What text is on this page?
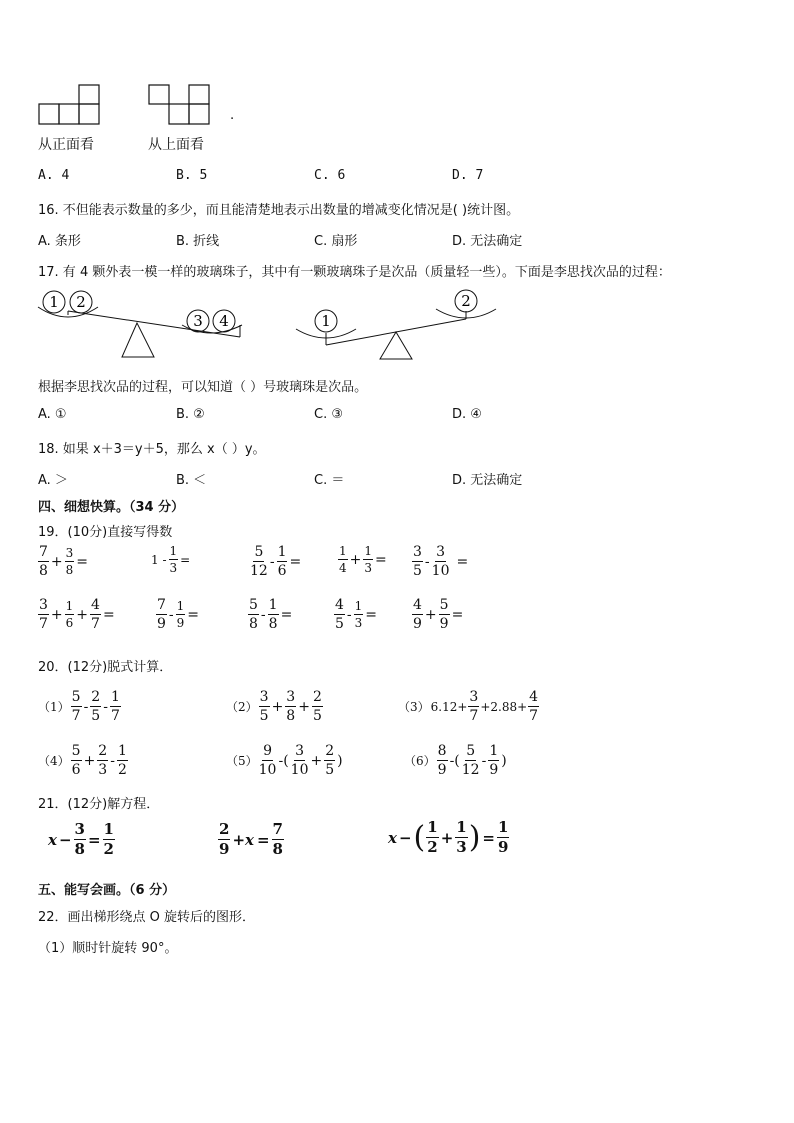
.
从正面看	从上面看
A. 4	B. 5	C. 6	D. 7
16. 不但能表示数量的多少，而且能清楚地表示出数量的增减变化情况是( )统计图。
A. 条形	B. 折线	C. 扇形	D. 无法确定
17. 有 4 颗外表一模一样的玻璃珠子，其中有一颗玻璃珠子是次品（质量轻一些）。下面是李思找次品的过程：
1 2
3 4	1
2
根据李思找次品的过程，可以知道（ ）号玻璃珠是次品。
A. ①	B. ②	C. ③	D. ④
18. 如果 x＋3＝y＋5，那么 x（ ）y。
A. ＞	B. ＜	C. ＝	D. 无法确定
四、细想快算。（34 分）
19．(10分)直接写得数
$\frac{7}{8} + \frac{3}{8}$ =	$1 - \frac{1}{3}$ =	$\frac{5}{12} - \frac{1}{6}$ =	$\frac{1}{4} + \frac{1}{3} = \frac{3}{5} - \frac{3}{10}$ =
$\frac{3}{7} + \frac{1}{6} + \frac{4}{7}$ =	$\frac{7}{9} - \frac{1}{9}$ =	$\frac{5}{8} - \frac{1}{8}$ =	$\frac{4}{5} - \frac{1}{3} = \frac{4}{9} + \frac{5}{9}$ =
20．(12分)脱式计算．
$(1) \frac{5}{7} - \frac{2}{5} - \frac{1}{7}$	$(2) \frac{3}{5} + \frac{3}{8} + \frac{2}{5}$	（3） $6.12+ \frac{3}{7} +2.88+ \frac{4}{7}$
$(4) \frac{5}{6} + \frac{2}{3} - \frac{1}{2}$	$(5) \frac{9}{10}$ -( $\frac{3}{10} + \frac{2}{5}$ )	$(6) \frac{8}{9}$ -( $\frac{5}{12} - \frac{1}{9}$ )
21．(12分)解方程．
$x - \frac{3}{8} = \frac{1}{2}$	$\frac{2}{9} +x = \frac{7}{8}$	x − ( $\frac{1}{2} + \frac{1}{3}$ ) = $\frac{1}{9}$
五、能写会画。（6 分）
22．画出梯形绕点 O 旋转后的图形．
（1）顺时针旋转 90°。
